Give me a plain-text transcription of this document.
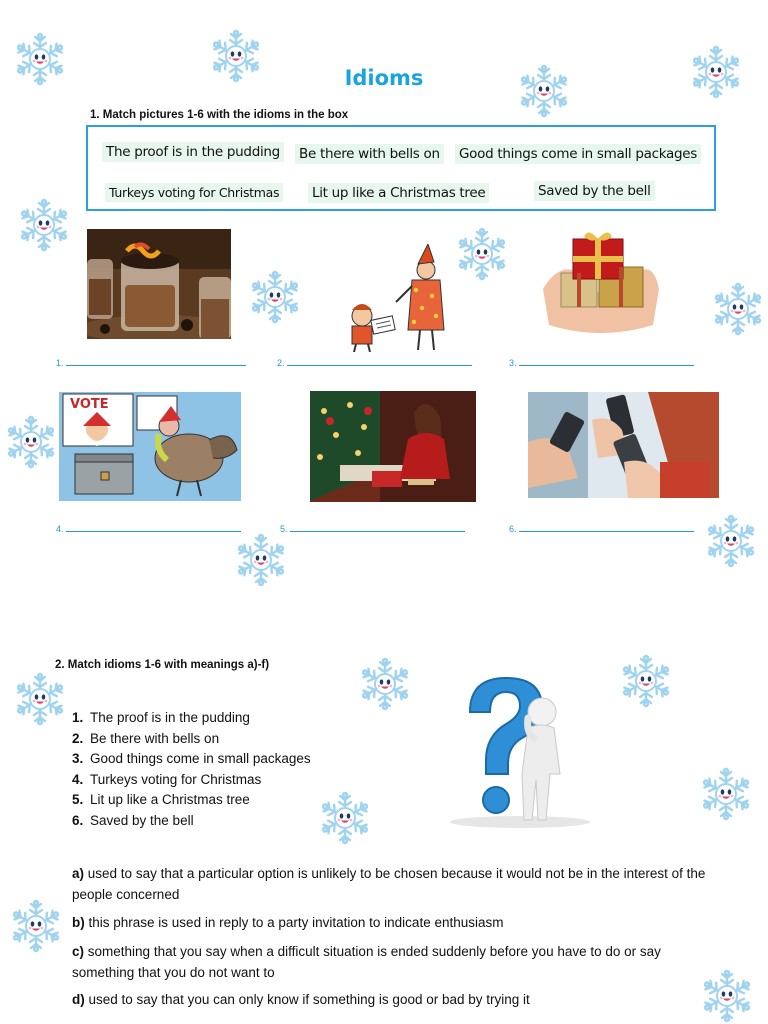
Idioms
1. Match pictures 1-6 with the idioms in the box
The proof is in the pudding Be there with bells on Good things come in small packages
Turkeys voting for Christmas Lit up like a Christmas tree	Saved by the bell
1.	2.	3.
VOTE
4.	5.	6.
2. Match idioms 1-6 with meanings a)-f)
1. The proof is in the pudding
2. Be there with bells on
3. Good things come in small packages
4. Turkeys voting for Christmas
5. Lit up like a Christmas tree
6. Saved by the bell
a) used to say that a particular option is unlikely to be chosen because it would not be in the interest of the people concerned
b) this phrase is used in reply to a party invitation to indicate enthusiasm
c) something that you say when a difficult situation is ended suddenly before you have to do or say something that you do not want to
d) used to say that you can only know if something is good or bad by trying it
